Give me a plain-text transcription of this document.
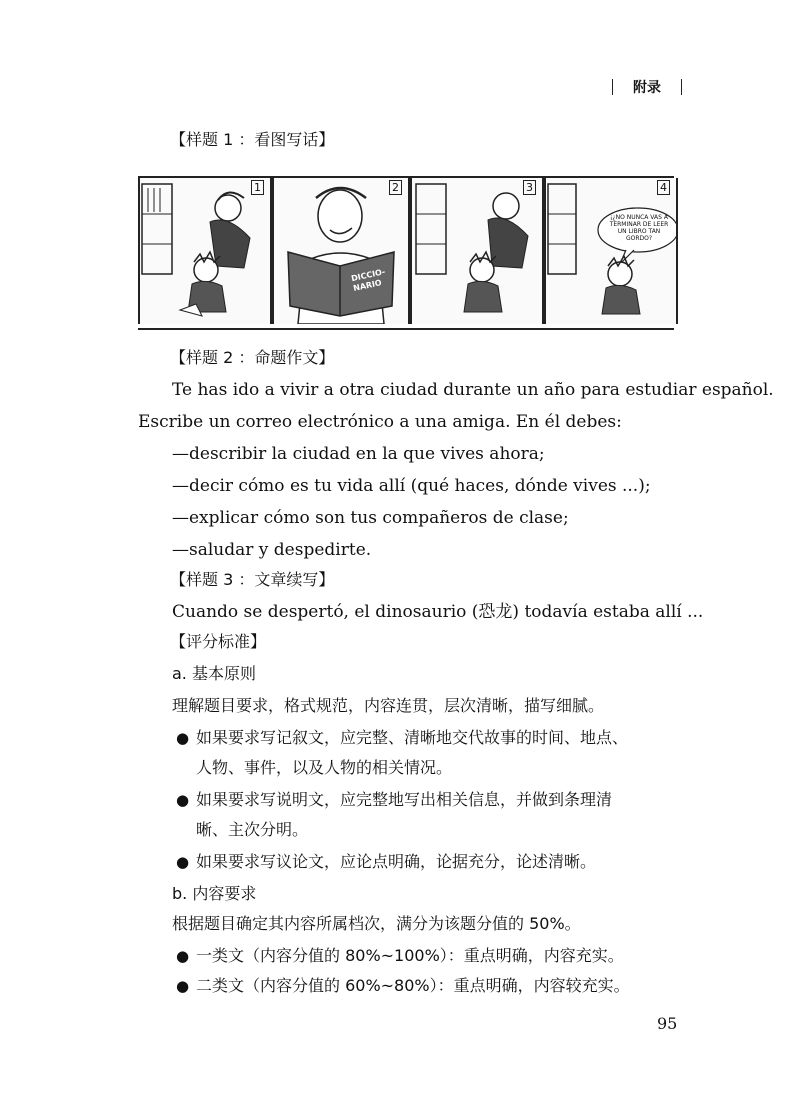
附录
【样题 1 ：看图写话】
1	2
DICCIO-NARIO
3	4
¡¿NO NUNCA VAS A TERMINAR DE LEER UN LIBRO TAN GORDO?
【样题 2 ：命题作文】
Te has ido a vivir a otra ciudad durante un año para estudiar español.
Escribe un correo electrónico a una amiga. En él debes:
—describir la ciudad en la que vives ahora;
—decir cómo es tu vida allí (qué haces, dónde vives ...);
—explicar cómo son tus compañeros de clase;
—saludar y despedirte.
【样题 3 ：文章续写】
Cuando se despertó, el dinosaurio (恐龙) todavía estaba allí ...
【评分标准】
a. 基本原则
理解题目要求，格式规范，内容连贯，层次清晰，描写细腻。
● 如果要求写记叙文，应完整、清晰地交代故事的时间、地点、
人物、事件，以及人物的相关情况。
● 如果要求写说明文，应完整地写出相关信息，并做到条理清
晰、主次分明。
● 如果要求写议论文，应论点明确，论据充分，论述清晰。
b. 内容要求
根据题目确定其内容所属档次，满分为该题分值的 50%。
● 一类文（内容分值的 80%~100%）：重点明确，内容充实。
● 二类文（内容分值的 60%~80%）：重点明确，内容较充实。
95
